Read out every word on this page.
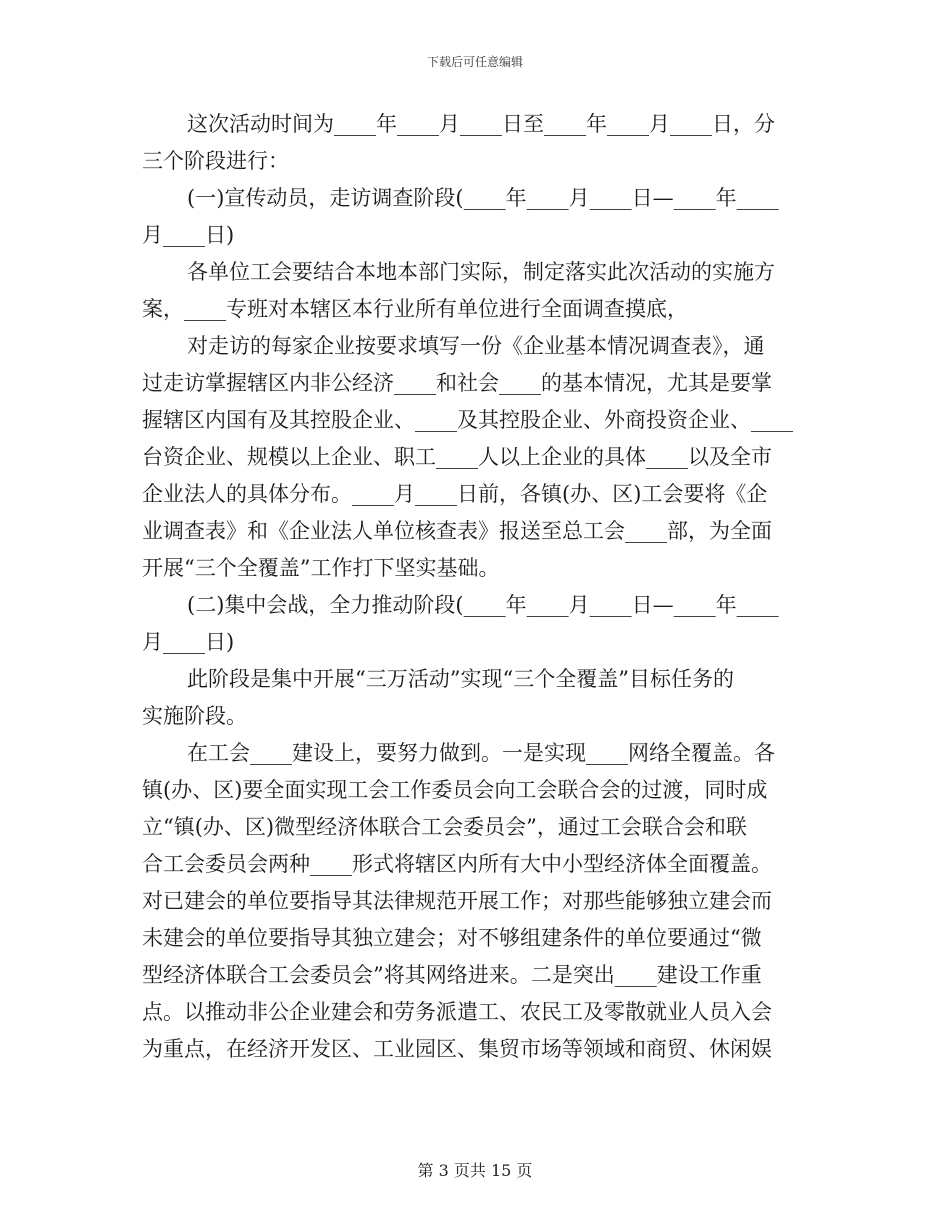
下载后可任意编辑
这次活动时间为____年____月____日至____年____月____日，分
三个阶段进行：
(一)宣传动员，走访调查阶段(____年____月____日—____年____
月____日)
各单位工会要结合本地本部门实际，制定落实此次活动的实施方
案，____专班对本辖区本行业所有单位进行全面调查摸底，
对走访的每家企业按要求填写一份《企业基本情况调查表》，通
过走访掌握辖区内非公经济____和社会____的基本情况，尤其是要掌
握辖区内国有及其控股企业、____及其控股企业、外商投资企业、____
台资企业、规模以上企业、职工____人以上企业的具体____以及全市
企业法人的具体分布。____月____日前，各镇(办、区)工会要将《企
业调查表》和《企业法人单位核查表》报送至总工会____部，为全面
开展“三个全覆盖”工作打下坚实基础。
(二)集中会战，全力推动阶段(____年____月____日—____年____
月____日)
此阶段是集中开展“三万活动”实现“三个全覆盖”目标任务的
实施阶段。
在工会____建设上，要努力做到。一是实现____网络全覆盖。各
镇(办、区)要全面实现工会工作委员会向工会联合会的过渡，同时成
立“镇(办、区)微型经济体联合工会委员会”，通过工会联合会和联
合工会委员会两种____形式将辖区内所有大中小型经济体全面覆盖。
对已建会的单位要指导其法律规范开展工作；对那些能够独立建会而
未建会的单位要指导其独立建会；对不够组建条件的单位要通过“微
型经济体联合工会委员会”将其网络进来。二是突出____建设工作重
点。以推动非公企业建会和劳务派遣工、农民工及零散就业人员入会
为重点，在经济开发区、工业园区、集贸市场等领域和商贸、休闲娱
第 3 页共 15 页
